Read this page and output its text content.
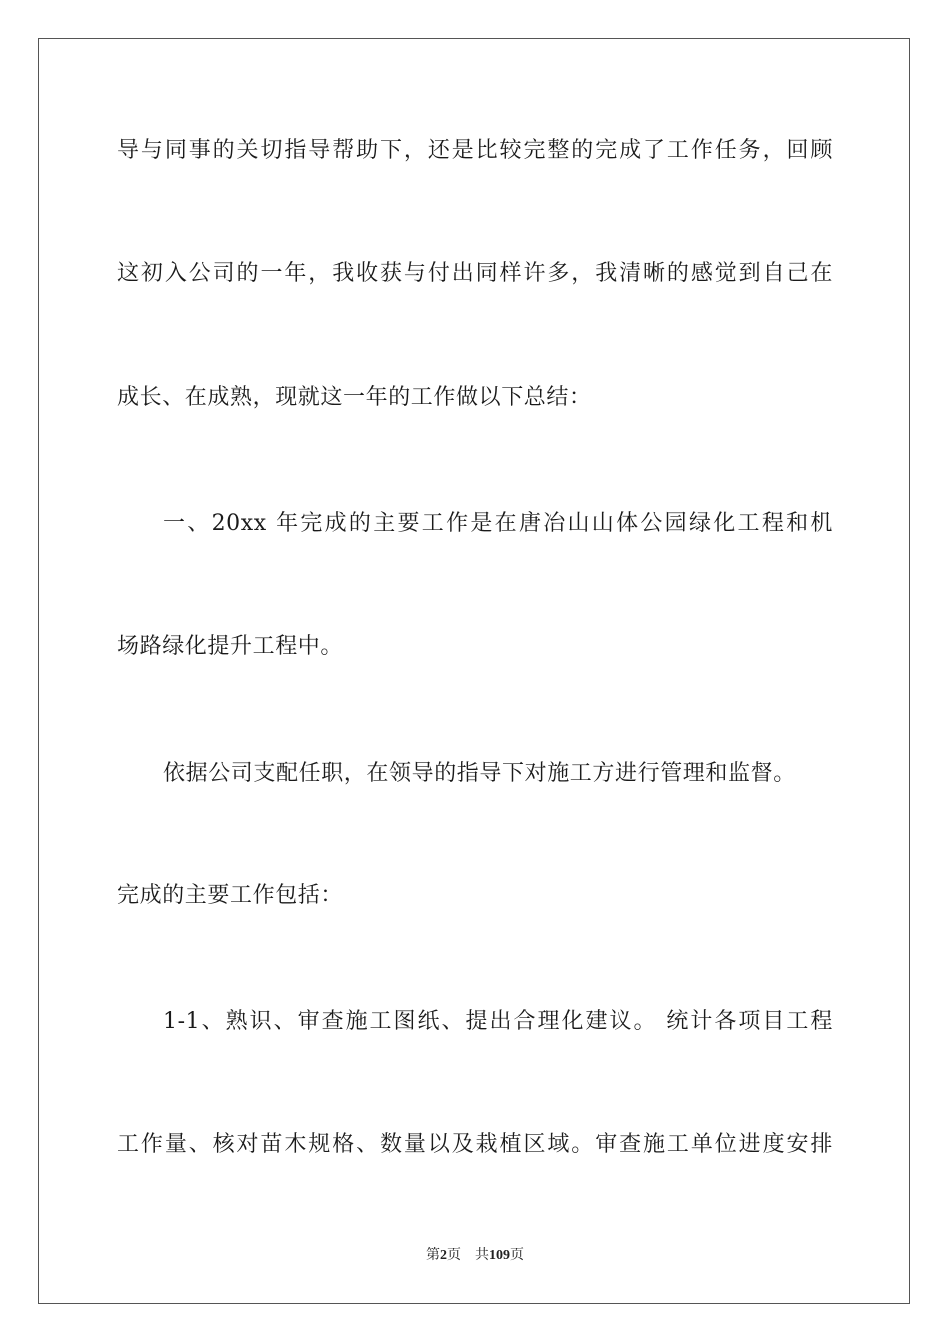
导与同事的关切指导帮助下，还是比较完整的完成了工作任务，回顾
这初入公司的一年，我收获与付出同样许多，我清晰的感觉到自己在
成长、在成熟，现就这一年的工作做以下总结：
一、20xx 年完成的主要工作是在唐冶山山体公园绿化工程和机
场路绿化提升工程中。
依据公司支配任职，在领导的指导下对施工方进行管理和监督。
完成的主要工作包括：
1-1、熟识、审查施工图纸、提出合理化建议。 统计各项目工程
工作量、核对苗木规格、数量以及栽植区域。审查施工单位进度安排
第2页 共109页
